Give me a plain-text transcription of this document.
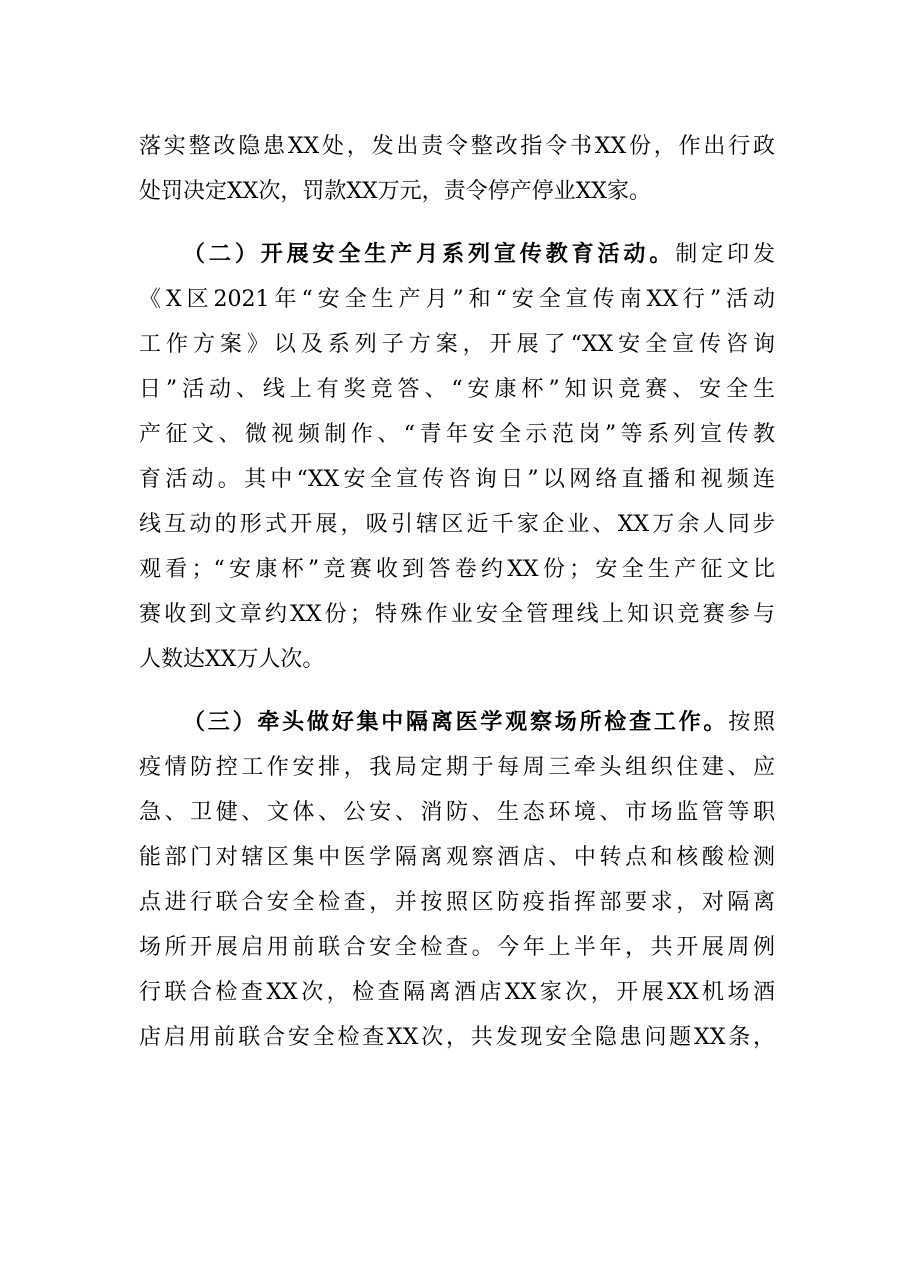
落实整改隐患XX处，发出责令整改指令书XX份，作出行政
处罚决定XX次，罚款XX万元，责令停产停业XX家。
（二）开展安全生产月系列宣传教育活动。制定印发
《X区2021年“安全生产月”和“安全宣传南XX行”活动
工作方案》以及系列子方案，开展了“XX安全宣传咨询
日”活动、线上有奖竞答、“安康杯”知识竞赛、安全生
产征文、微视频制作、“青年安全示范岗”等系列宣传教
育活动。其中“XX安全宣传咨询日”以网络直播和视频连
线互动的形式开展，吸引辖区近千家企业、XX万余人同步
观看；“安康杯”竞赛收到答卷约XX份；安全生产征文比
赛收到文章约XX份；特殊作业安全管理线上知识竞赛参与
人数达XX万人次。
（三）牵头做好集中隔离医学观察场所检查工作。按照
疫情防控工作安排，我局定期于每周三牵头组织住建、应
急、卫健、文体、公安、消防、生态环境、市场监管等职
能部门对辖区集中医学隔离观察酒店、中转点和核酸检测
点进行联合安全检查，并按照区防疫指挥部要求，对隔离
场所开展启用前联合安全检查。今年上半年，共开展周例
行联合检查XX次，检查隔离酒店XX家次，开展XX机场酒
店启用前联合安全检查XX次，共发现安全隐患问题XX条，
